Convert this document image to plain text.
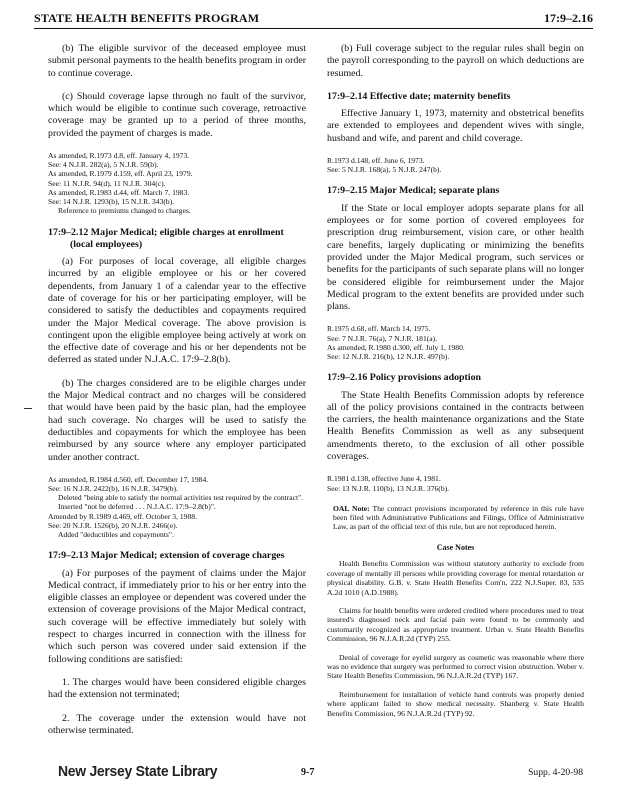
STATE HEALTH BENEFITS PROGRAM	17:9–2.16

(b) The eligible survivor of the deceased employee must submit personal payments to the health benefits program in order to continue coverage.

(c) Should coverage lapse through no fault of the survivor, which would be eligible to continue such coverage, retroactive coverage may be granted up to a period of three months, provided the payment of charges is made.

As amended, R.1973 d.8, eff. January 4, 1973.
See: 4 N.J.R. 282(a), 5 N.J.R. 59(b).
As amended, R.1979 d.159, eff. April 23, 1979.
See: 11 N.J.R. 94(d), 11 N.J.R. 304(c).
As amended, R.1983 d.44, eff. March 7, 1983.
See: 14 N.J.R. 1293(b), 15 N.J.R. 343(b).
Reference to premiums changed to charges.
17:9–2.12 Major Medical; eligible charges at enrollment (local employees)

(a) For purposes of local coverage, all eligible charges incurred by an eligible employee or his or her covered dependents, from January 1 of a calendar year to the effective date of coverage for his or her participating employer, will be considered to satisfy the deductibles and copayments required under the Major Medical coverage. The above provision is contingent upon the eligible employee being actively at work on the effective date of coverage and his or her dependents not be deferred as stated under N.J.A.C. 17:9–2.8(b).

(b) The charges considered are to be eligible charges under the Major Medical contract and no charges will be considered that would have been paid by the basic plan, had the employee had such coverage. No charges will be used to satisfy the deductibles and copayments for which the employee has been reimbursed by any source where any employer participated under another contract.

As amended, R.1984 d.560, eff. December 17, 1984.
See: 16 N.J.R. 2422(b), 16 N.J.R. 3479(b).
Deleted "being able to satisfy the normal activities test required by the contract". Inserted "not be deferred . . . N.J.A.C. 17:9–2.8(b)".
Amended by R.1989 d.469, eff. October 3, 1988.
See: 20 N.J.R. 1526(b), 20 N.J.R. 2466(e).
Added "deductibles and copayments".
17:9–2.13 Major Medical; extension of coverage charges

(a) For purposes of the payment of claims under the Major Medical contract, if immediately prior to his or her entry into the eligible classes an employee or dependent was covered under the extension of coverage provisions of the Major Medical contract, such coverage will be effective immediately but solely with respect to charges incurred in connection with the illness for which such person was covered under said extension if the following conditions are satisfied:

1. The charges would have been considered eligible charges had the extension not terminated;

2. The coverage under the extension would have not otherwise terminated.

(b) Full coverage subject to the regular rules shall begin on the payroll corresponding to the payroll on which deductions are resumed.

17:9–2.14 Effective date; maternity benefits

Effective January 1, 1973, maternity and obstetrical benefits are extended to employees and dependent wives with single, husband and wife, and parent and child coverage.

R.1973 d.148, eff. June 6, 1973.
See: 5 N.J.R. 168(a), 5 N.J.R. 247(b).
17:9–2.15 Major Medical; separate plans

If the State or local employer adopts separate plans for all employees or for some portion of covered employees for prescription drug reimbursement, vision care, or other health care benefits, largely duplicating or minimizing the benefits provided under the Major Medical program, such services or benefits for the participants of such separate plans will no longer be considered eligible for reimbursement under the Major Medical program to the extent benefits are provided under such plans.

R.1975 d.68, eff. March 14, 1975.
See: 7 N.J.R. 76(a), 7 N.J.R. 181(a).
As amended, R.1980 d.300, eff. July 1, 1980.
See: 12 N.J.R. 216(b), 12 N.J.R. 497(b).
17:9–2.16 Policy provisions adoption

The State Health Benefits Commission adopts by reference all of the policy provisions contained in the contracts between the carriers, the health maintenance organizations and the State Health Benefits Commission as well as any subsequent amendments thereto, to the exclusion of all other possible coverages.

R.1981 d.138, effective June 4, 1981.
See: 13 N.J.R. 110(b), 13 N.J.R. 376(b).
OAL Note: The contract provisions incorporated by reference in this rule have been filed with Administrative Publications and Filings, Office of Administrative Law, as part of the official text of this rule, but are not reproduced herein.
Case Notes

Health Benefits Commission was without statutory authority to exclude from coverage of mentally ill persons while providing coverage for mental retardation or physical disability. G.B. v. State Health Benefits Com'n, 222 N.J.Super. 83, 535 A.2d 1010 (A.D.1988).

Claims for health benefits were ordered credited where procedures used to treat insured's diagnosed neck and facial pain were found to be commonly and customarily recognized as appropriate treatment. Urban v. State Health Benefits Commission, 96 N.J.A.R.2d (TYP) 255.

Denial of coverage for eyelid surgery as cosmetic was reasonable where there was no evidence that surgery was performed to correct vision obstruction. Weber v. State Health Benefits Commission, 96 N.J.A.R.2d (TYP) 167.

Reimbursement for installation of vehicle hand controls was properly denied where applicant failed to show medical necessity. Shanberg v. State Health Benefits Commission, 96 N.J.A.R.2d (TYP) 92.

New Jersey State Library	9-7	Supp. 4-20-98
